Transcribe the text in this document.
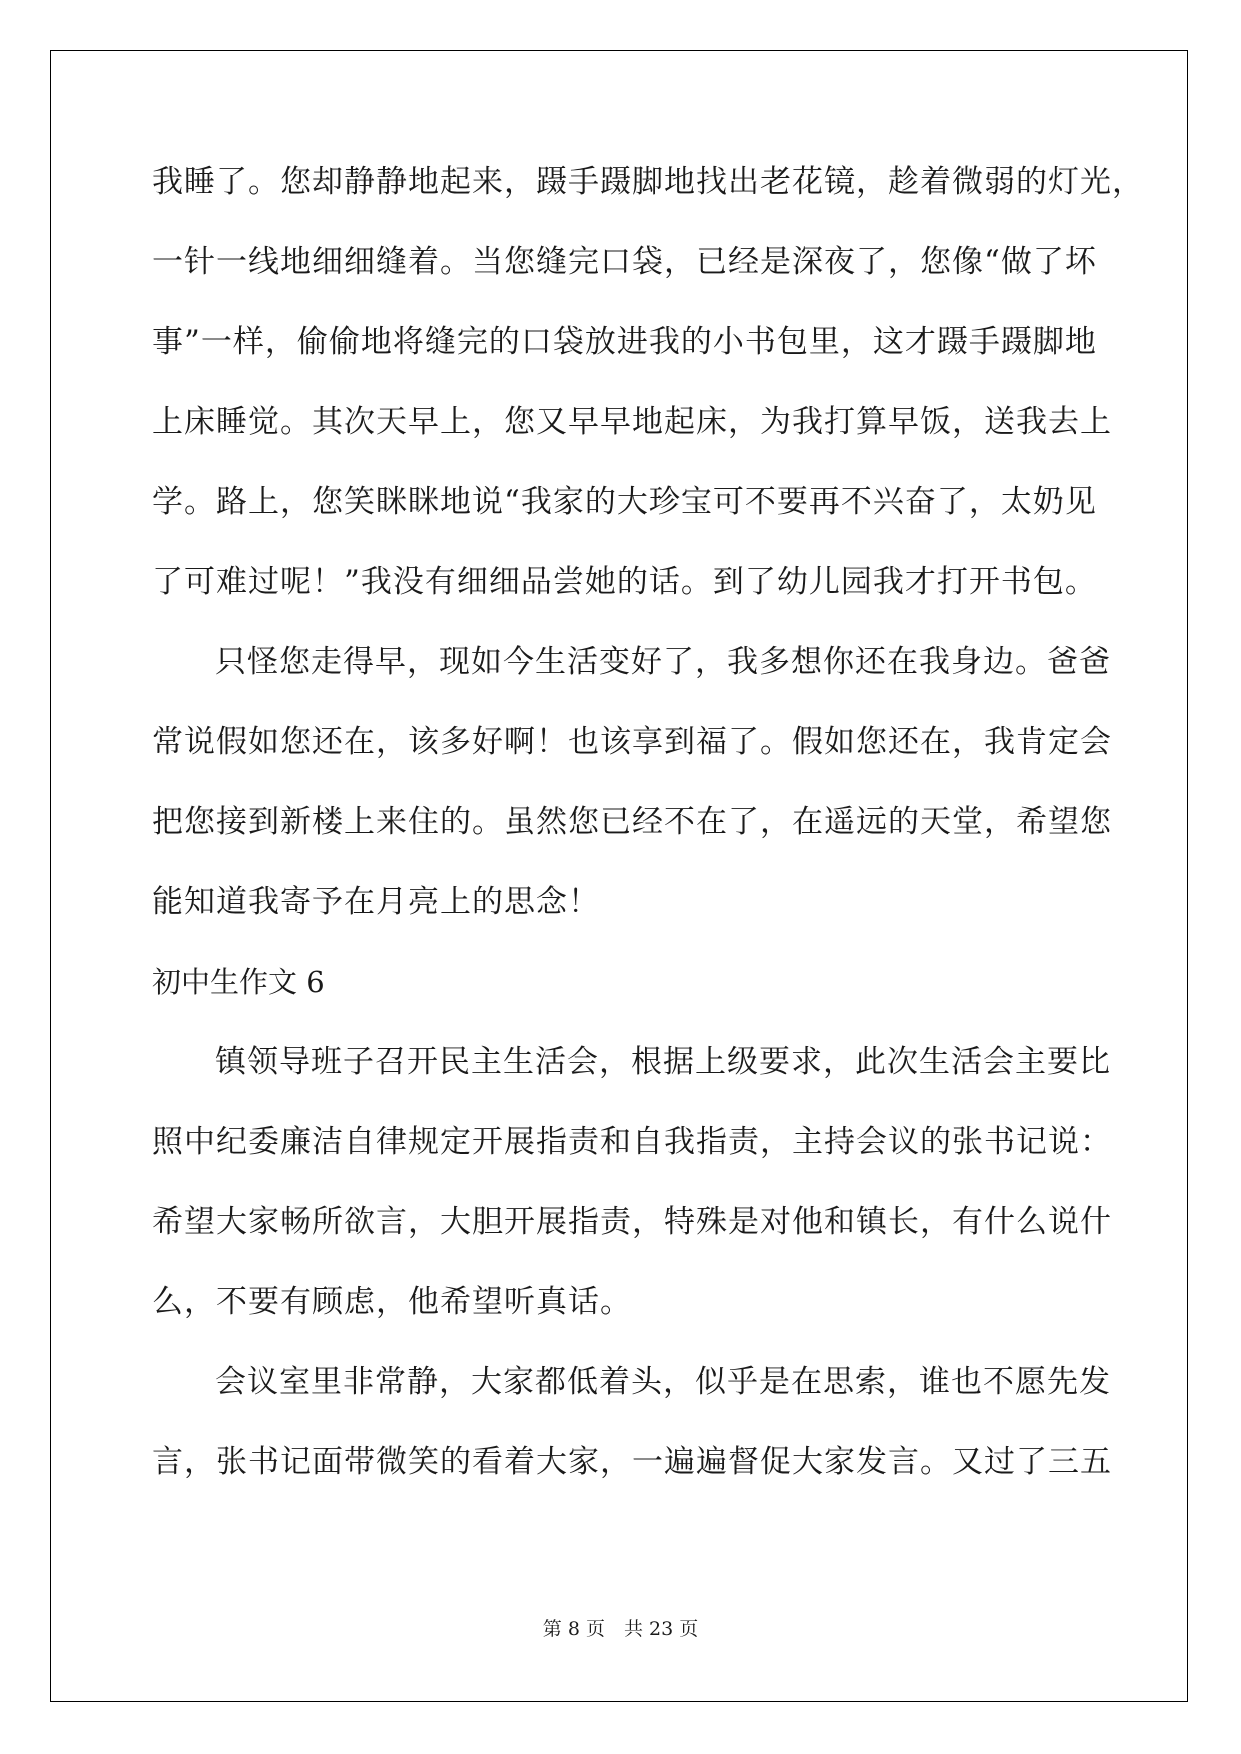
我睡了。您却静静地起来，蹑手蹑脚地找出老花镜，趁着微弱的灯光，
一针一线地细细缝着。当您缝完口袋，已经是深夜了，您像“做了坏
事”一样，偷偷地将缝完的口袋放进我的小书包里，这才蹑手蹑脚地
上床睡觉。其次天早上，您又早早地起床，为我打算早饭，送我去上
学。路上，您笑眯眯地说“我家的大珍宝可不要再不兴奋了，太奶见
了可难过呢！”我没有细细品尝她的话。到了幼儿园我才打开书包。
只怪您走得早，现如今生活变好了，我多想你还在我身边。爸爸
常说假如您还在，该多好啊！也该享到福了。假如您还在，我肯定会
把您接到新楼上来住的。虽然您已经不在了，在遥远的天堂，希望您
能知道我寄予在月亮上的思念！
初中生作文 6
镇领导班子召开民主生活会，根据上级要求，此次生活会主要比
照中纪委廉洁自律规定开展指责和自我指责，主持会议的张书记说：
希望大家畅所欲言，大胆开展指责，特殊是对他和镇长，有什么说什
么，不要有顾虑，他希望听真话。
会议室里非常静，大家都低着头，似乎是在思索，谁也不愿先发
言，张书记面带微笑的看着大家，一遍遍督促大家发言。又过了三五
第 8 页　共 23 页
